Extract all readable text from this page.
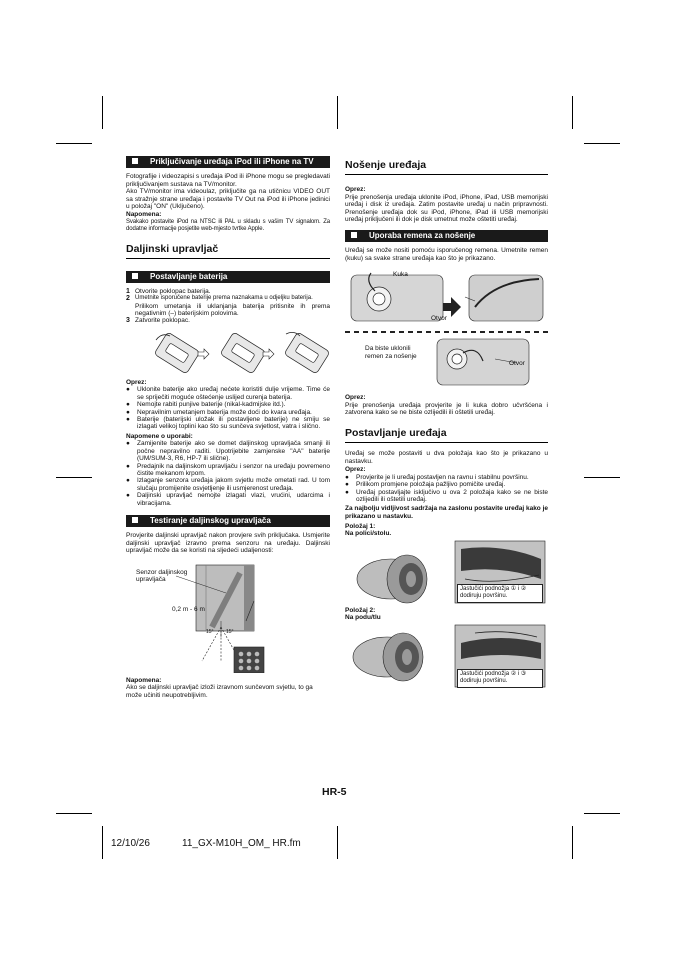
Priključivanje uređaja iPod ili iPhone na TV
Fotografije i videozapisi s uređaja iPod ili iPhone mogu se pregledavati priključivanjem sustava na TV/monitor.
Ako TV/monitor ima videoulaz, priključite ga na utičnicu VIDEO OUT sa stražnje strane uređaja i postavite TV Out na iPod ili iPhone jedinici u položaj "ON" (Uključeno).
Napomena:
Svakako postavite iPod na NTSC ili PAL u skladu s vašim TV signalom. Za dodatne informacije posjetite web-mjesto tvrtke Apple.
Daljinski upravljač
Postavljanje baterija
1 Otvorite poklopac baterija.
2 Umetnite isporučene baterije prema naznakama u odjeljku baterija.
Prilikom umetanja ili uklanjanja baterija pritisnite ih prema negativnim (–) baterijskim polovima.
3 Zatvorite poklopac.
Oprez:
● Uklonite baterije ako uređaj nećete koristiti dulje vrijeme. Time će se spriječiti moguće oštećenje uslijed curenja baterija.
● Nemojte rabiti punjive baterije (nikal-kadmijske itd.).
● Nepravilnim umetanjem baterija može doći do kvara uređaja.
● Baterije (baterijski uložak ili postavljene baterije) ne smiju se izlagati velikoj toplini kao što su sunčeva svjetlost, vatra i slično.
Napomene o uporabi:
● Zamijenite baterije ako se domet daljinskog upravljača smanji ili počne nepravilno raditi. Upotrijebite zamjenske "AA" baterije (UM/SUM-3, R6, HP-7 ili slične).
● Predajnik na daljinskom upravljaču i senzor na uređaju povremeno čistite mekanom krpom.
● Izlaganje senzora uređaja jakom svjetlu može ometati rad. U tom slučaju promijenite osvjetljenje ili usmjerenost uređaja.
● Daljinski upravljač nemojte izlagati vlazi, vrućini, udarcima i vibracijama.
Testiranje daljinskog upravljača
Provjerite daljinski upravljač nakon provjere svih priključaka. Usmjerite daljinski upravljač izravno prema senzoru na uređaju. Daljinski upravljač može da se koristi na sljedeći udaljenosti:
Senzor daljinskog upravljača
0,2 m - 6 m
15° 15°
Napomena:
Ako se daljinski upravljač izloži izravnom sunčevom svjetlu, to ga može učiniti neupotrebljivim.
Nošenje uređaja
Oprez:
Prije prenošenja uređaja uklonite iPod, iPhone, iPad, USB memorijski uređaj i disk iz uređaja. Zatim postavite uređaj u način pripravnosti. Prenošenje uređaja dok su iPod, iPhone, iPad ili USB memorijski uređaj priključeni ili dok je disk umetnut može oštetiti uređaj.
Uporaba remena za nošenje
Uređaj se može nositi pomoću isporučenog remena. Umetnite remen (kuku) sa svake strane uređaja kao što je prikazano.
Kuka
Otvor
Da biste uklonili remen za nošenje
Otvor
Oprez:
Prije prenošenja uređaja provjerite je li kuka dobro učvršćena i zatvorena kako se ne biste ozlijedili ili oštetili uređaj.
Postavljanje uređaja
Uređaj se može postaviti u dva položaja kao što je prikazano u nastavku.
Oprez:
● Provjerite je li uređaj postavljen na ravnu i stabilnu površinu.
● Prilikom promjene položaja pažljivo pomičite uređaj.
● Uređaj postavljajte isključivo u ova 2 položaja kako se ne biste ozlijedili ili oštetili uređaj.
Za najbolju vidljivost sadržaja na zaslonu postavite uređaj kako je prikazano u nastavku.
Položaj 1:
Na polici/stolu.
Jastučići podnožja ① i ② dodiruju površinu.
Položaj 2:
Na podu/tlu
Jastučići podnožja ② i ③ dodiruju površinu.
HR-5
12/10/26	11_GX-M10H_OM_ HR.fm
